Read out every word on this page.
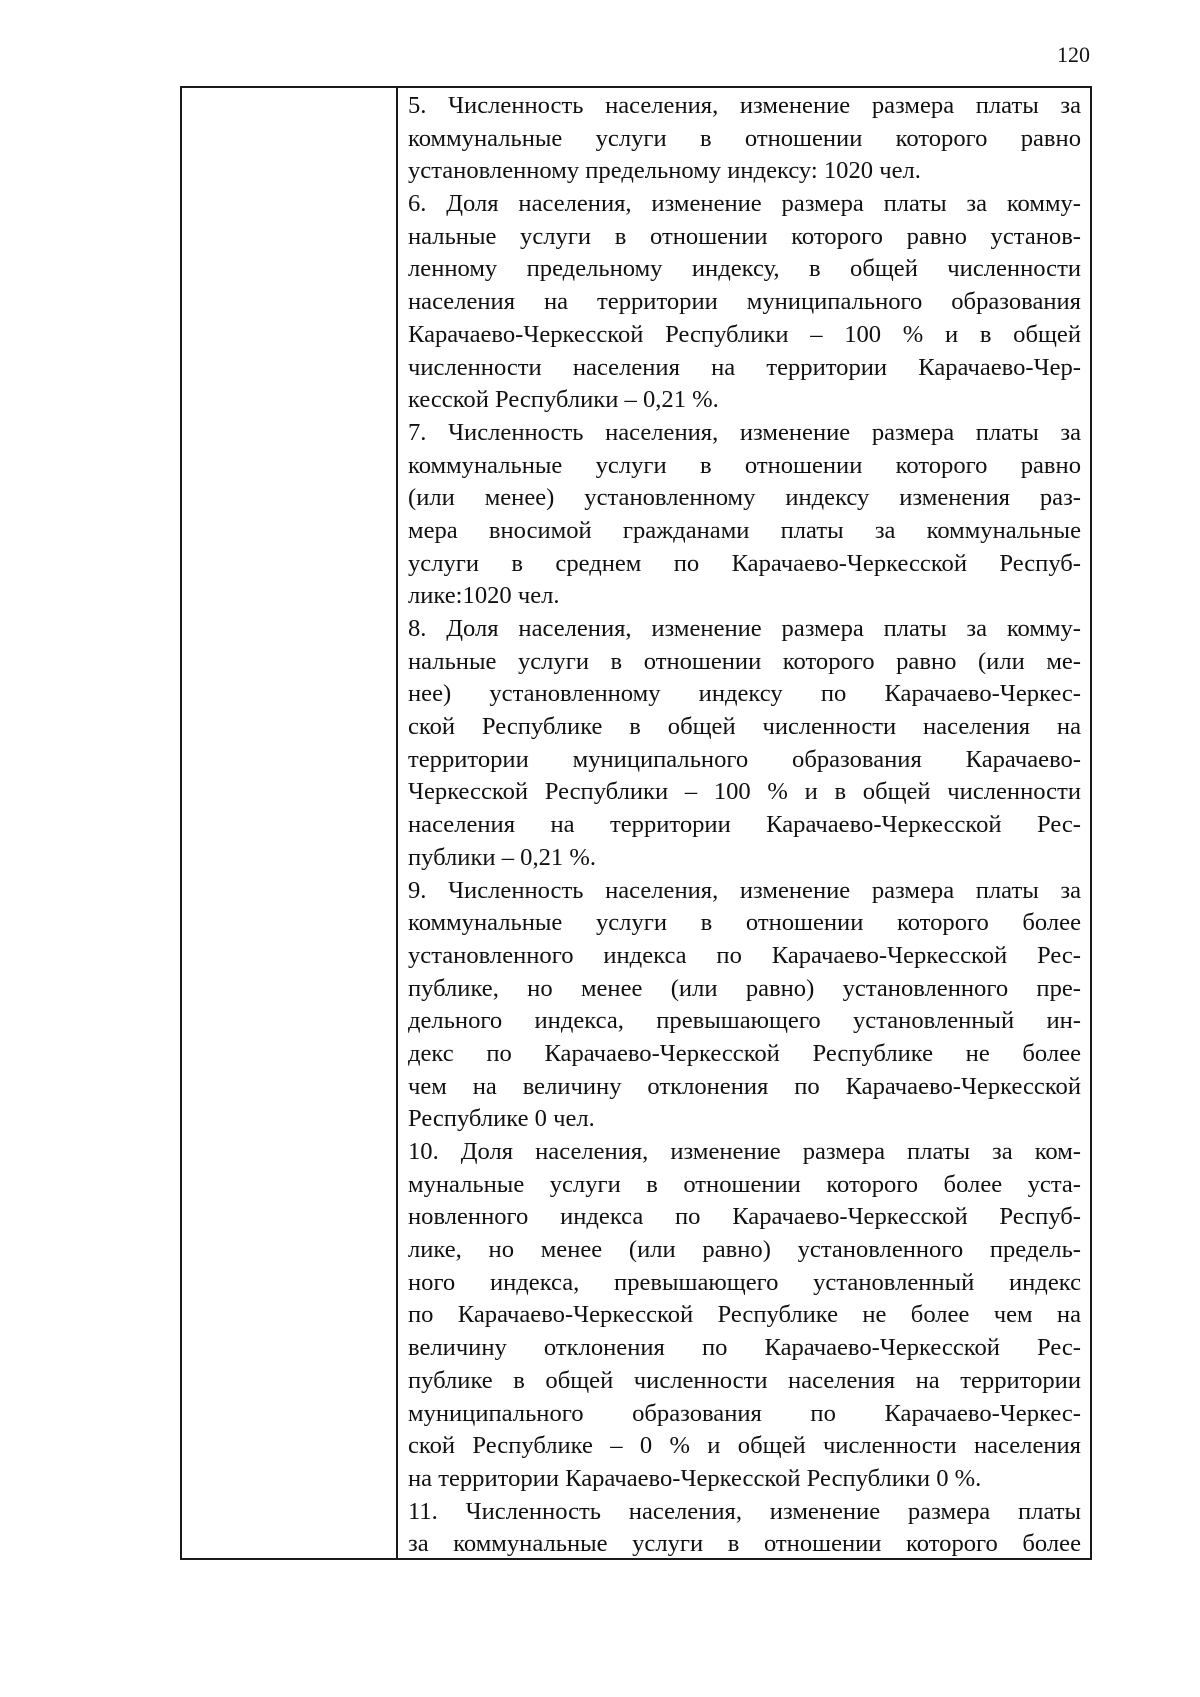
120
5. Численность населения, изменение размера платы за
коммунальные услуги в отношении которого равно
установленному предельному индексу: 1020 чел.
6. Доля населения, изменение размера платы за комму-
нальные услуги в отношении которого равно установ-
ленному предельному индексу, в общей численности
населения на территории муниципального образования
Карачаево-Черкесской Республики – 100 % и в общей
численности населения на территории Карачаево-Чер-
кесской Республики – 0,21 %.
7. Численность населения, изменение размера платы за
коммунальные услуги в отношении которого равно
(или менее) установленному индексу изменения раз-
мера вносимой гражданами платы за коммунальные
услуги в среднем по Карачаево-Черкесской Респуб-
лике:1020 чел.
8. Доля населения, изменение размера платы за комму-
нальные услуги в отношении которого равно (или ме-
нее) установленному индексу по Карачаево-Черкес-
ской Республике в общей численности населения на
территории муниципального образования Карачаево-
Черкесской Республики – 100 % и в общей численности
населения на территории Карачаево-Черкесской Рес-
публики – 0,21 %.
9. Численность населения, изменение размера платы за
коммунальные услуги в отношении которого более
установленного индекса по Карачаево-Черкесской Рес-
публике, но менее (или равно) установленного пре-
дельного индекса, превышающего установленный ин-
декс по Карачаево-Черкесской Республике не более
чем на величину отклонения по Карачаево-Черкесской
Республике 0 чел.
10. Доля населения, изменение размера платы за ком-
мунальные услуги в отношении которого более уста-
новленного индекса по Карачаево-Черкесской Респуб-
лике, но менее (или равно) установленного предель-
ного индекса, превышающего установленный индекс
по Карачаево-Черкесской Республике не более чем на
величину отклонения по Карачаево-Черкесской Рес-
публике в общей численности населения на территории
муниципального образования по Карачаево-Черкес-
ской Республике – 0 % и общей численности населения
на территории Карачаево-Черкесской Республики 0 %.
11. Численность населения, изменение размера платы
за коммунальные услуги в отношении которого более
